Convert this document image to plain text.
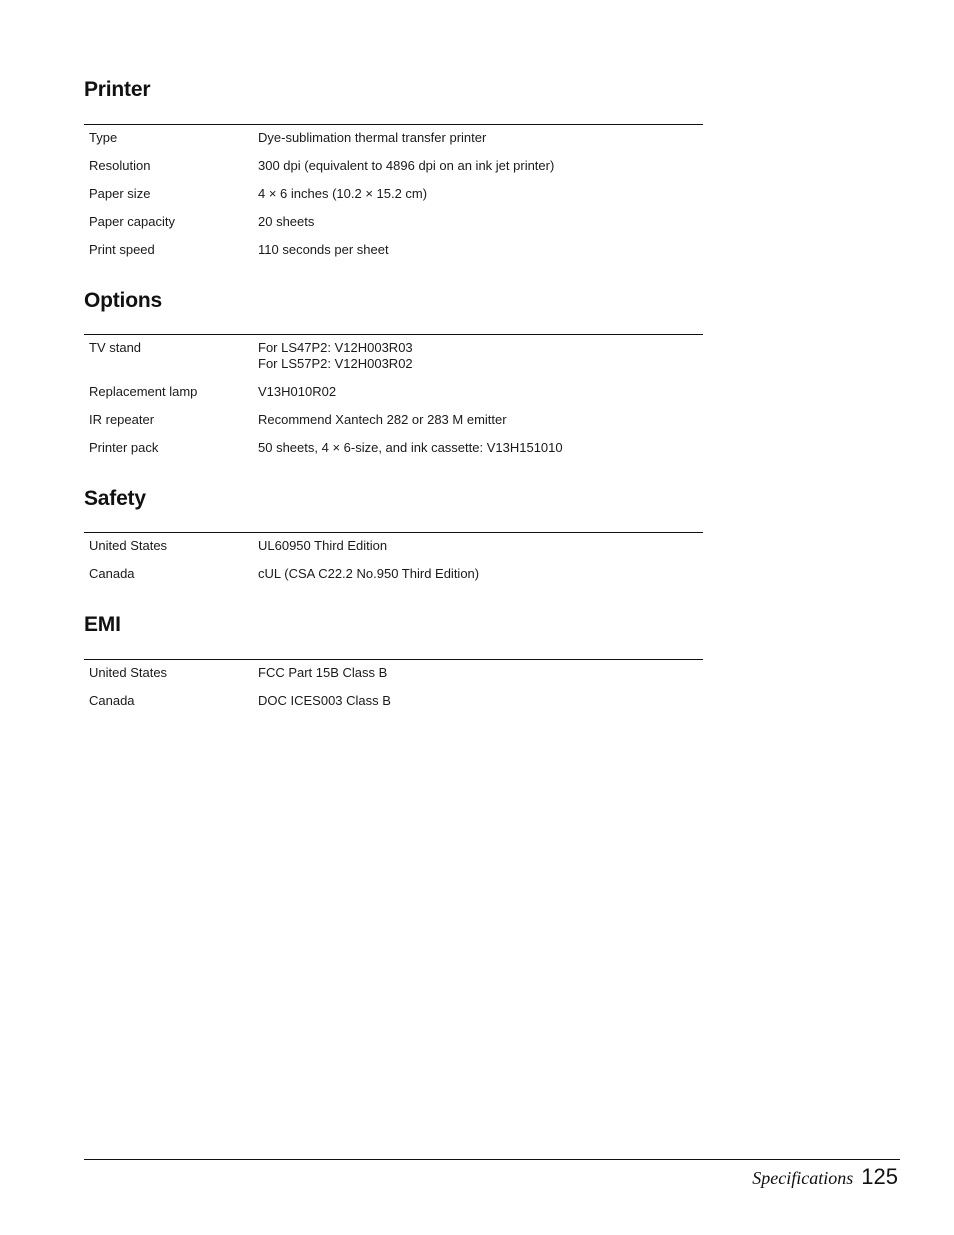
Printer
Type	Dye-sublimation thermal transfer printer
Resolution	300 dpi (equivalent to 4896 dpi on an ink jet printer)
Paper size	4 × 6 inches (10.2 × 15.2 cm)
Paper capacity	20 sheets
Print speed	110 seconds per sheet
Options
TV stand	For LS47P2: V12H003R03
For LS57P2: V12H003R02
Replacement lamp	V13H010R02
IR repeater	Recommend Xantech 282 or 283 M emitter
Printer pack	50 sheets, 4 × 6-size, and ink cassette: V13H151010
Safety
United States	UL60950 Third Edition
Canada	cUL (CSA C22.2 No.950 Third Edition)
EMI
United States	FCC Part 15B Class B
Canada	DOC ICES003 Class B
Specifications 125
